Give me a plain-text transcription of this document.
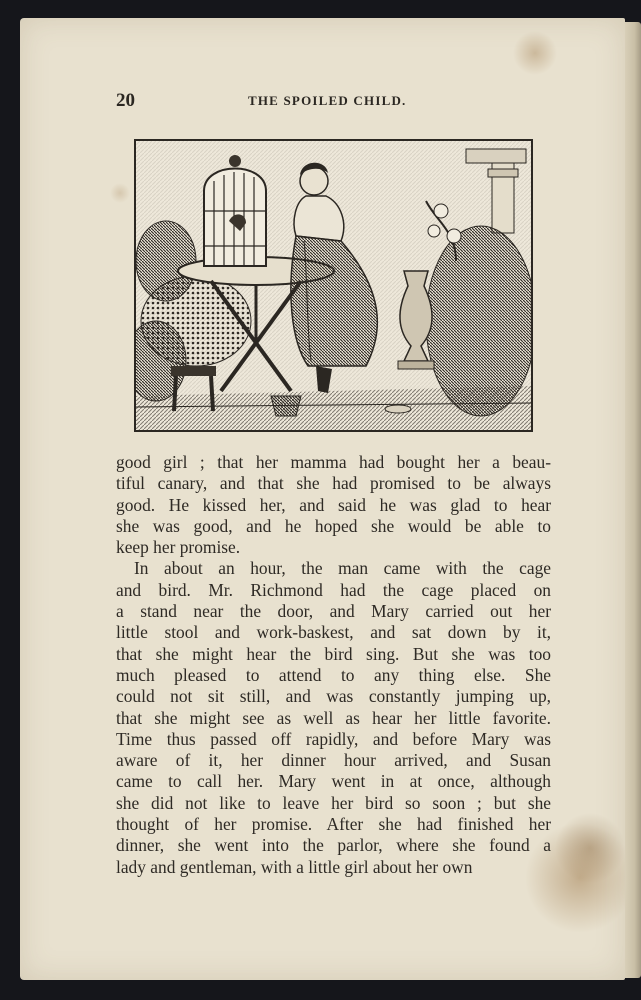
20	THE SPOILED CHILD.

good girl ; that her mamma had bought her a beau-
tiful canary, and that she had promised to be always
good. He kissed her, and said he was glad to hear
she was good, and he hoped she would be able to
keep her promise.

In about an hour, the man came with the cage
and bird. Mr. Richmond had the cage placed on
a stand near the door, and Mary carried out her
little stool and work-baskest, and sat down by it,
that she might hear the bird sing. But she was too
much pleased to attend to any thing else. She
could not sit still, and was constantly jumping up,
that she might see as well as hear her little favorite.
Time thus passed off rapidly, and before Mary was
aware of it, her dinner hour arrived, and Susan
came to call her. Mary went in at once, although
she did not like to leave her bird so soon ; but she
thought of her promise. After she had finished her
dinner, she went into the parlor, where she found a
lady and gentleman, with a little girl about her own
